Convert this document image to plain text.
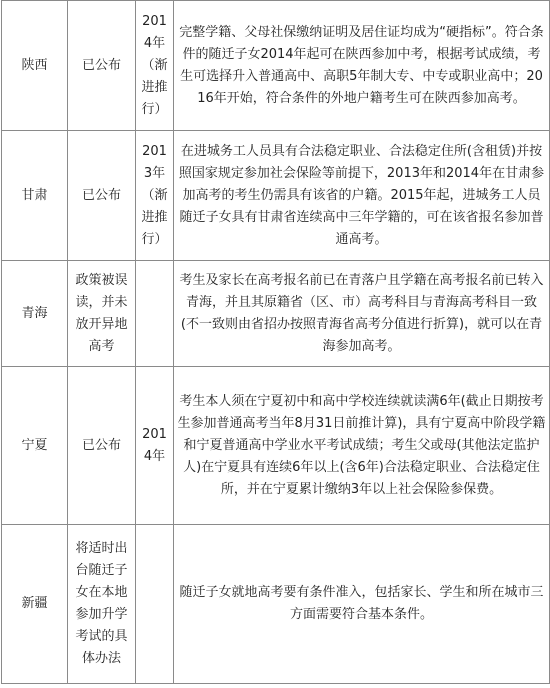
陕西	已公布	2014年（渐进推行）	完整学籍、父母社保缴纳证明及居住证均成为“硬指标”。符合条件的随迁子女2014年起可在陕西参加中考，根据考试成绩，考生可选择升入普通高中、高职5年制大专、中专或职业高中；2016年开始，符合条件的外地户籍考生可在陕西参加高考。
甘肃	已公布	2013年（渐进推行）	在进城务工人员具有合法稳定职业、合法稳定住所(含租赁)并按照国家规定参加社会保险等前提下，2013年和2014年在甘肃参加高考的考生仍需具有该省的户籍。2015年起，进城务工人员随迁子女具有甘肃省连续高中三年学籍的，可在该省报名参加普通高考。
青海	政策被误读，并未放开异地高考		考生及家长在高考报名前已在青落户且学籍在高考报名前已转入青海，并且其原籍省（区、市）高考科目与青海高考科目一致(不一致则由省招办按照青海省高考分值进行折算)，就可以在青海参加高考。
宁夏	已公布	2014年	考生本人须在宁夏初中和高中学校连续就读满6年(截止日期按考生参加普通高考当年8月31日前推计算)，具有宁夏高中阶段学籍和宁夏普通高中学业水平考试成绩；考生父或母(其他法定监护人)在宁夏具有连续6年以上(含6年)合法稳定职业、合法稳定住所，并在宁夏累计缴纳3年以上社会保险参保费。
新疆	将适时出台随迁子女在本地参加升学考试的具体办法		随迁子女就地高考要有条件准入，包括家长、学生和所在城市三方面需要符合基本条件。
